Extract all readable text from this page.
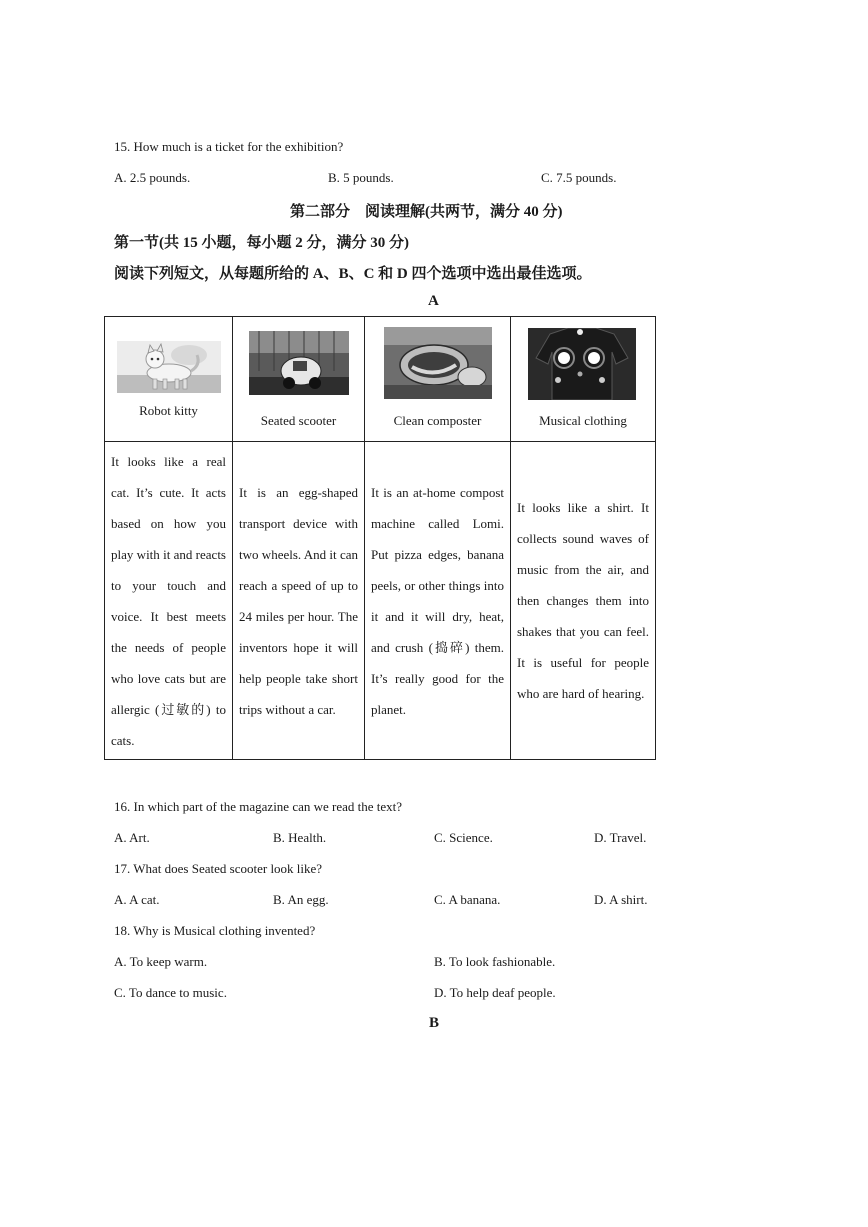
15. How much is a ticket for the exhibition?
A. 2.5 pounds.	B. 5 pounds.	C. 7.5 pounds.
第二部分    阅读理解(共两节，满分 40 分)
第一节(共 15 小题，每小题 2 分，满分 30 分)
阅读下列短文，从每题所给的 A、B、C 和 D 四个选项中选出最佳选项。
A
Robot kitty	Seated scooter	Clean composter	Musical clothing

It looks like a real cat. It’s cute. It acts based on how you play with it and reacts to your touch and voice. It best meets the needs of people who love cats but are allergic (过敏的) to cats.	It is an egg-shaped transport device with two wheels. And it can reach a speed of up to 24 miles per hour. The inventors hope it will help people take short trips without a car.	It is an at-home compost machine called Lomi. Put pizza edges, banana peels, or other things into it and it will dry, heat, and crush (捣碎) them. It’s really good for the planet.	It looks like a shirt. It collects sound waves of music from the air, and then changes them into shakes that you can feel. It is useful for people who are hard of hearing.
16. In which part of the magazine can we read the text?
A. Art.	B. Health.	C. Science.	D. Travel.
17. What does Seated scooter look like?
A. A cat.	B. An egg.	C. A banana.	D. A shirt.
18. Why is Musical clothing invented?
A. To keep warm.	B. To look fashionable.
C. To dance to music.	D. To help deaf people.
B
